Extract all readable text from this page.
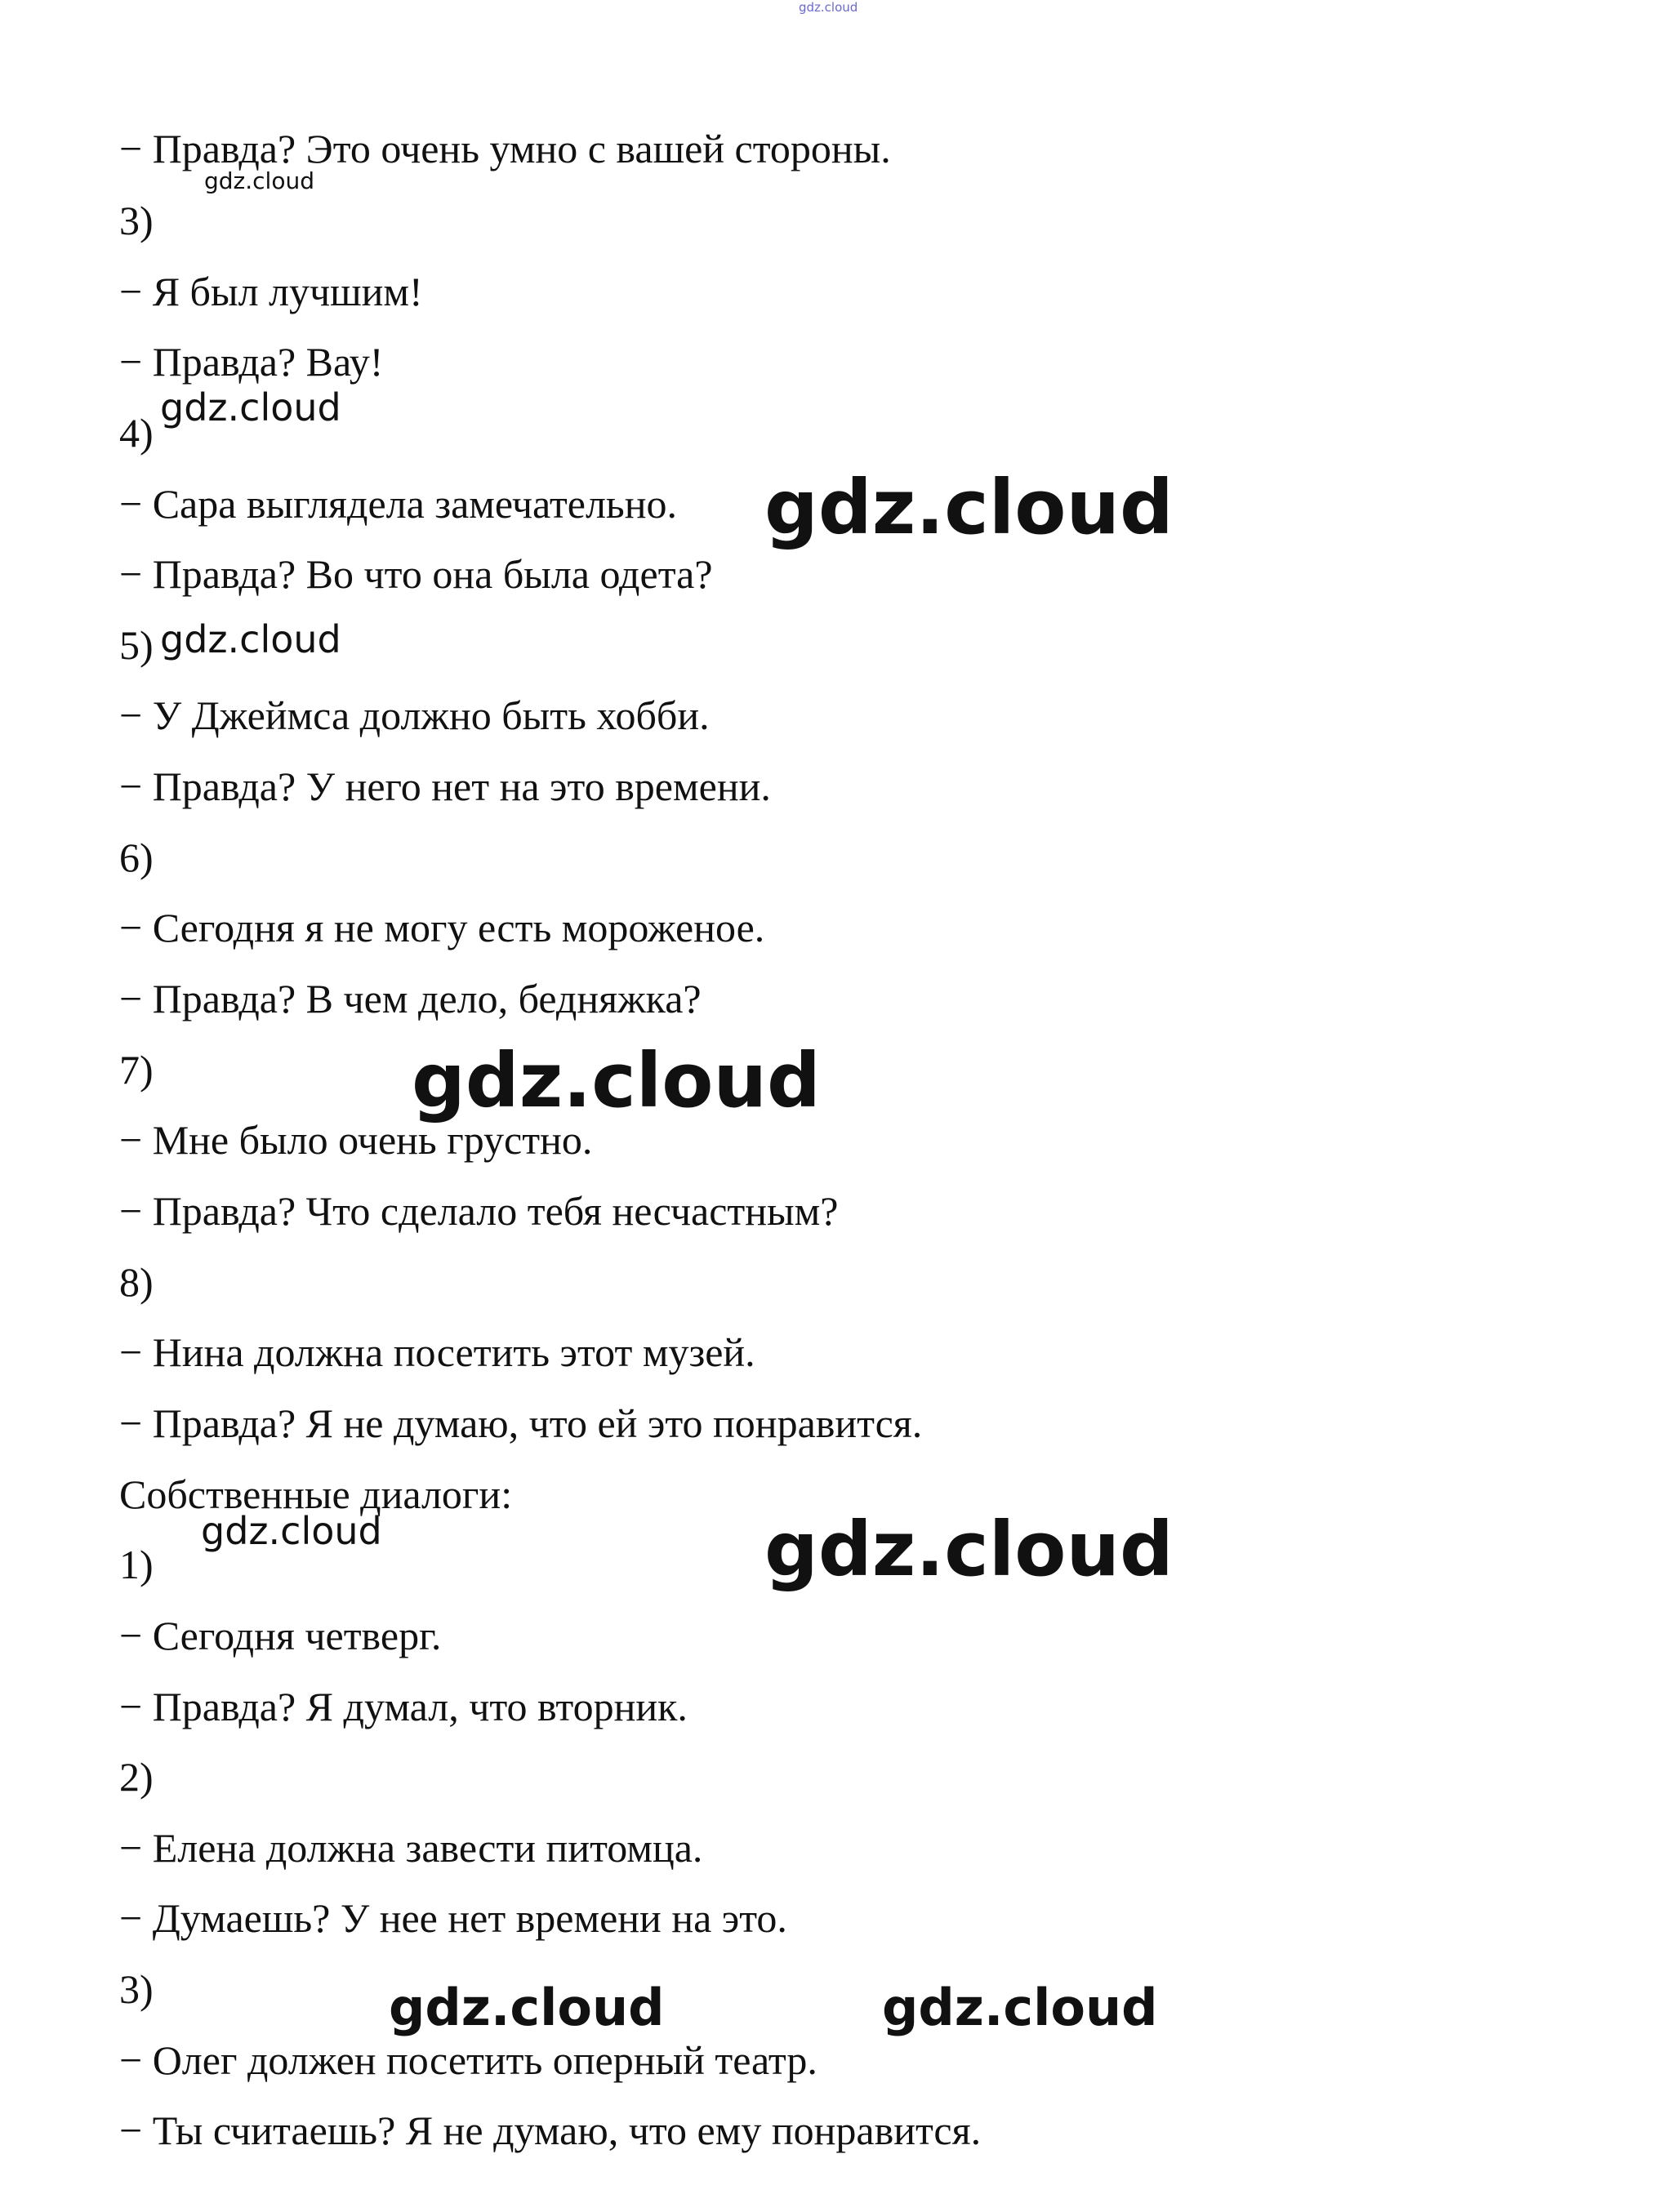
− Правда? Это очень умно с вашей стороны.
3)
− Я был лучшим!
− Правда? Вау!
4)
− Сара выглядела замечательно.
− Правда? Во что она была одета?
5)
− У Джеймса должно быть хобби.
− Правда? У него нет на это времени.
6)
− Сегодня я не могу есть мороженое.
− Правда? В чем дело, бедняжка?
7)
− Мне было очень грустно.
− Правда? Что сделало тебя несчастным?
8)
− Нина должна посетить этот музей.
− Правда? Я не думаю, что ей это понравится.
Собственные диалоги:
1)
− Сегодня четверг.
− Правда? Я думал, что вторник.
2)
− Елена должна завести питомца.
− Думаешь? У нее нет времени на это.
3)
− Олег должен посетить оперный театр.
− Ты считаешь? Я не думаю, что ему понравится.
gdz.cloud
gdz.cloud
gdz.cloud
gdz.cloud
gdz.cloud
gdz.cloud
gdz.cloud	gdz.cloud
gdz.cloud	gdz.cloud
